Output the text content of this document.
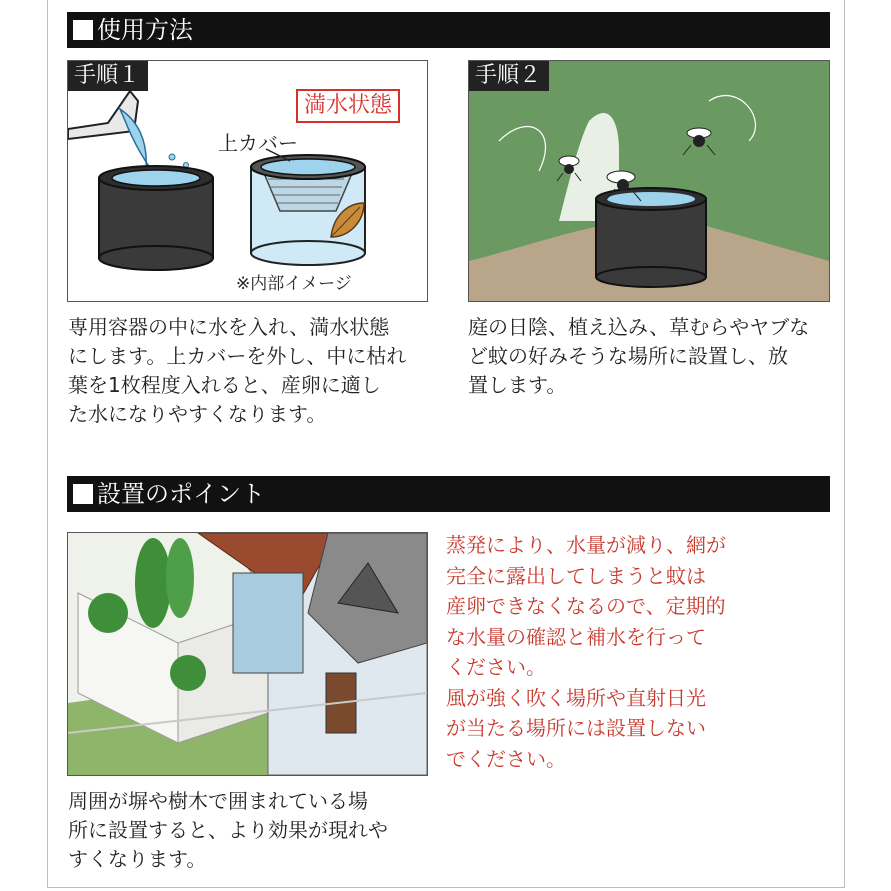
使用方法
手順１
満水状態
上カバー
※内部イメージ
手順２

専用容器の中に水を入れ、満水状態
にします。上カバーを外し、中に枯れ
葉を1枚程度入れると、産卵に適し
た水になりやすくなります。

庭の日陰、植え込み、草むらやヤブな
ど蚊の好みそうな場所に設置し、放
置します。

設置のポイント

周囲が塀や樹木で囲まれている場
所に設置すると、より効果が現れや
すくなります。

蒸発により、水量が減り、網が
完全に露出してしまうと蚊は
産卵できなくなるので、定期的
な水量の確認と補水を行って
ください。
風が強く吹く場所や直射日光
が当たる場所には設置しない
でください。
